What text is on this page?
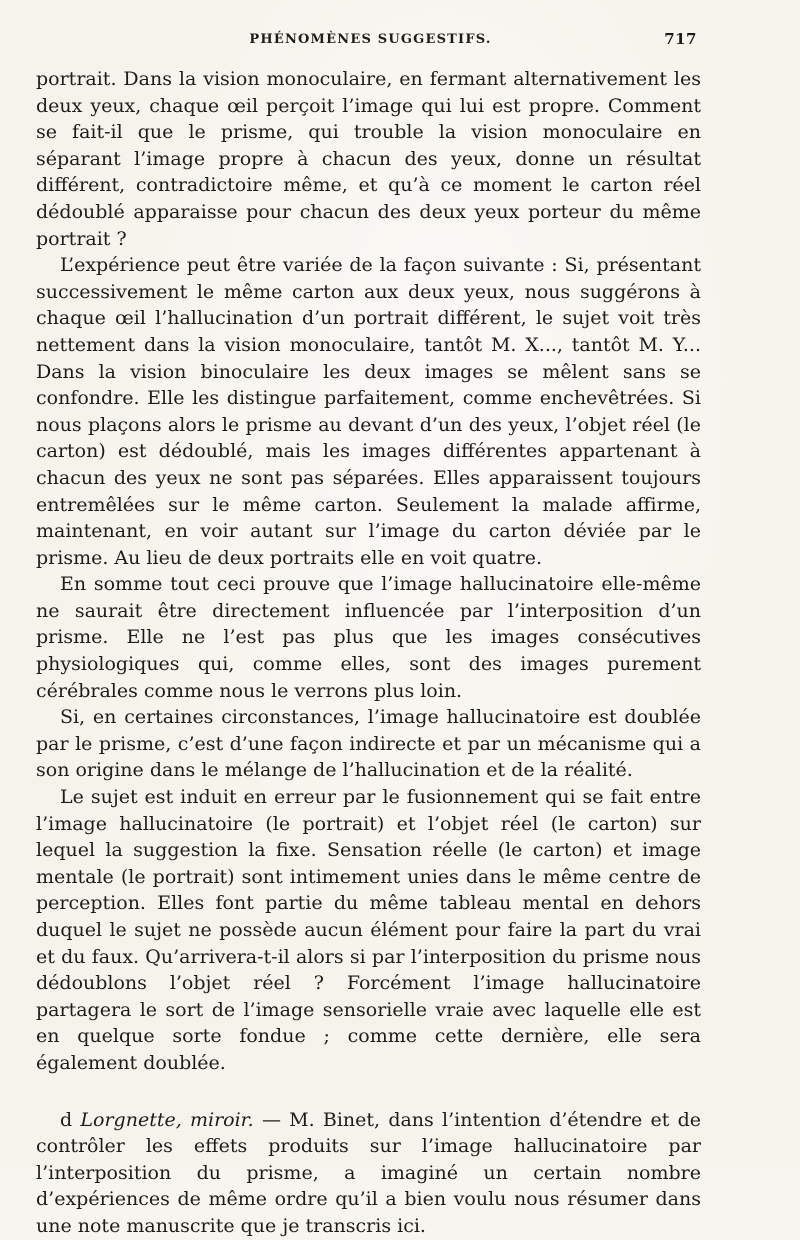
PHÉNOMÈNES SUGGESTIFS.	717

portrait. Dans la vision monoculaire, en fermant alternativement les deux yeux, chaque œil perçoit l’image qui lui est propre. Comment se fait-il que le prisme, qui trouble la vision monoculaire en séparant l’image propre à chacun des yeux, donne un résultat différent, contradictoire même, et qu’à ce moment le carton réel dédoublé apparaisse pour chacun des deux yeux porteur du même portrait ?

L’expérience peut être variée de la façon suivante : Si, présentant successivement le même carton aux deux yeux, nous suggérons à chaque œil l’hallucination d’un portrait différent, le sujet voit très nettement dans la vision monoculaire, tantôt M. X..., tantôt M. Y... Dans la vision binoculaire les deux images se mêlent sans se confondre. Elle les distingue parfaitement, comme enchevêtrées. Si nous plaçons alors le prisme au devant d’un des yeux, l’objet réel (le carton) est dédoublé, mais les images différentes appartenant à chacun des yeux ne sont pas séparées. Elles apparaissent toujours entremêlées sur le même carton. Seulement la malade affirme, maintenant, en voir autant sur l’image du carton déviée par le prisme. Au lieu de deux portraits elle en voit quatre.

En somme tout ceci prouve que l’image hallucinatoire elle-même ne saurait être directement influencée par l’interposition d’un prisme. Elle ne l’est pas plus que les images consécutives physiologiques qui, comme elles, sont des images purement cérébrales comme nous le verrons plus loin.

Si, en certaines circonstances, l’image hallucinatoire est doublée par le prisme, c’est d’une façon indirecte et par un mécanisme qui a son origine dans le mélange de l’hallucination et de la réalité.

Le sujet est induit en erreur par le fusionnement qui se fait entre l’image hallucinatoire (le portrait) et l’objet réel (le carton) sur lequel la suggestion la fixe. Sensation réelle (le carton) et image mentale (le portrait) sont intimement unies dans le même centre de perception. Elles font partie du même tableau mental en dehors duquel le sujet ne possède aucun élément pour faire la part du vrai et du faux. Qu’arrivera-t-il alors si par l’interposition du prisme nous dédoublons l’objet réel ? Forcément l’image hallucinatoire partagera le sort de l’image sensorielle vraie avec laquelle elle est en quelque sorte fondue ; comme cette dernière, elle sera également doublée.

d Lorgnette, miroir. — M. Binet, dans l’intention d’étendre et de contrôler les effets produits sur l’image hallucinatoire par l’interposition du prisme, a imaginé un certain nombre d’expériences de même ordre qu’il a bien voulu nous résumer dans une note manuscrite que je transcris ici.
